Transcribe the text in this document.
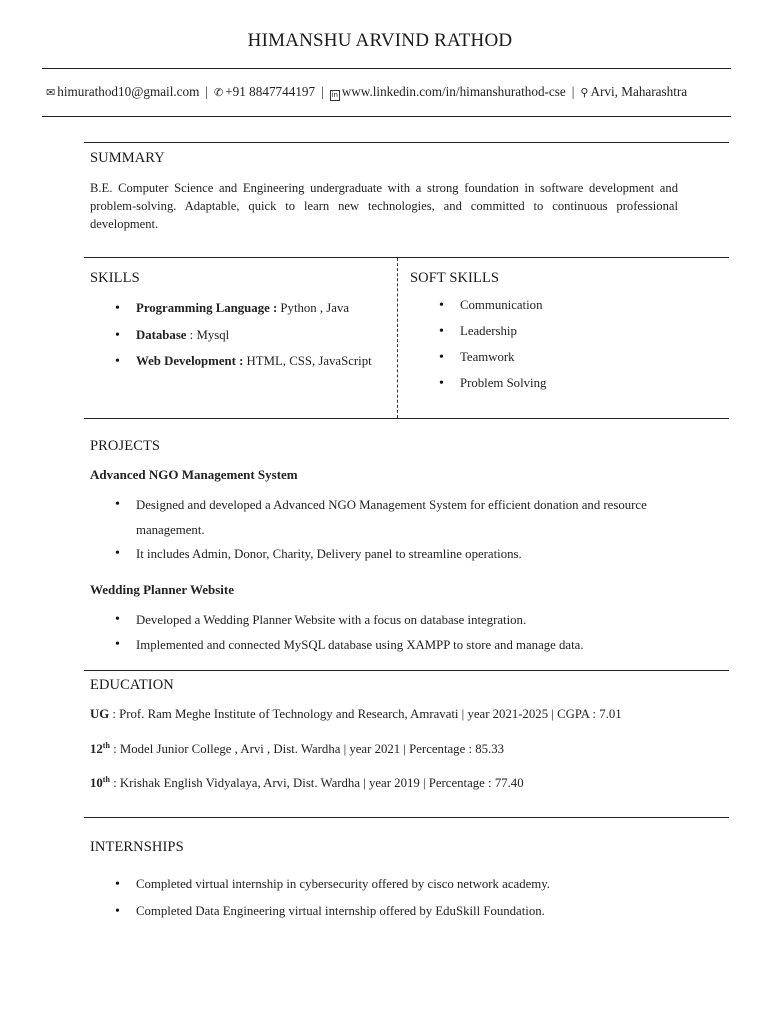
HIMANSHU ARVIND RATHOD
✉ himurathod10@gmail.com | ✆ +91 8847744197 | in www.linkedin.com/in/himanshurathod-cse | ⚲ Arvi, Maharashtra
SUMMARY
B.E. Computer Science and Engineering undergraduate with a strong foundation in software development and problem-solving. Adaptable, quick to learn new technologies, and committed to continuous professional development.
SKILLS
• Programming Language : Python , Java
• Database : Mysql
• Web Development : HTML, CSS, JavaScript
SOFT SKILLS
• Communication
• Leadership
• Teamwork
• Problem Solving
PROJECTS
Advanced NGO Management System
• Designed and developed a Advanced NGO Management System for efficient donation and resource management.
• It includes Admin, Donor, Charity, Delivery panel to streamline operations.
Wedding Planner Website
• Developed a Wedding Planner Website with a focus on database integration.
• Implemented and connected MySQL database using XAMPP to store and manage data.
EDUCATION
UG : Prof. Ram Meghe Institute of Technology and Research, Amravati | year 2021-2025 | CGPA : 7.01
12th : Model Junior College , Arvi , Dist. Wardha | year 2021 | Percentage : 85.33
10th : Krishak English Vidyalaya, Arvi, Dist. Wardha | year 2019 | Percentage : 77.40
INTERNSHIPS
• Completed virtual internship in cybersecurity offered by cisco network academy.
• Completed Data Engineering virtual internship offered by EduSkill Foundation.
